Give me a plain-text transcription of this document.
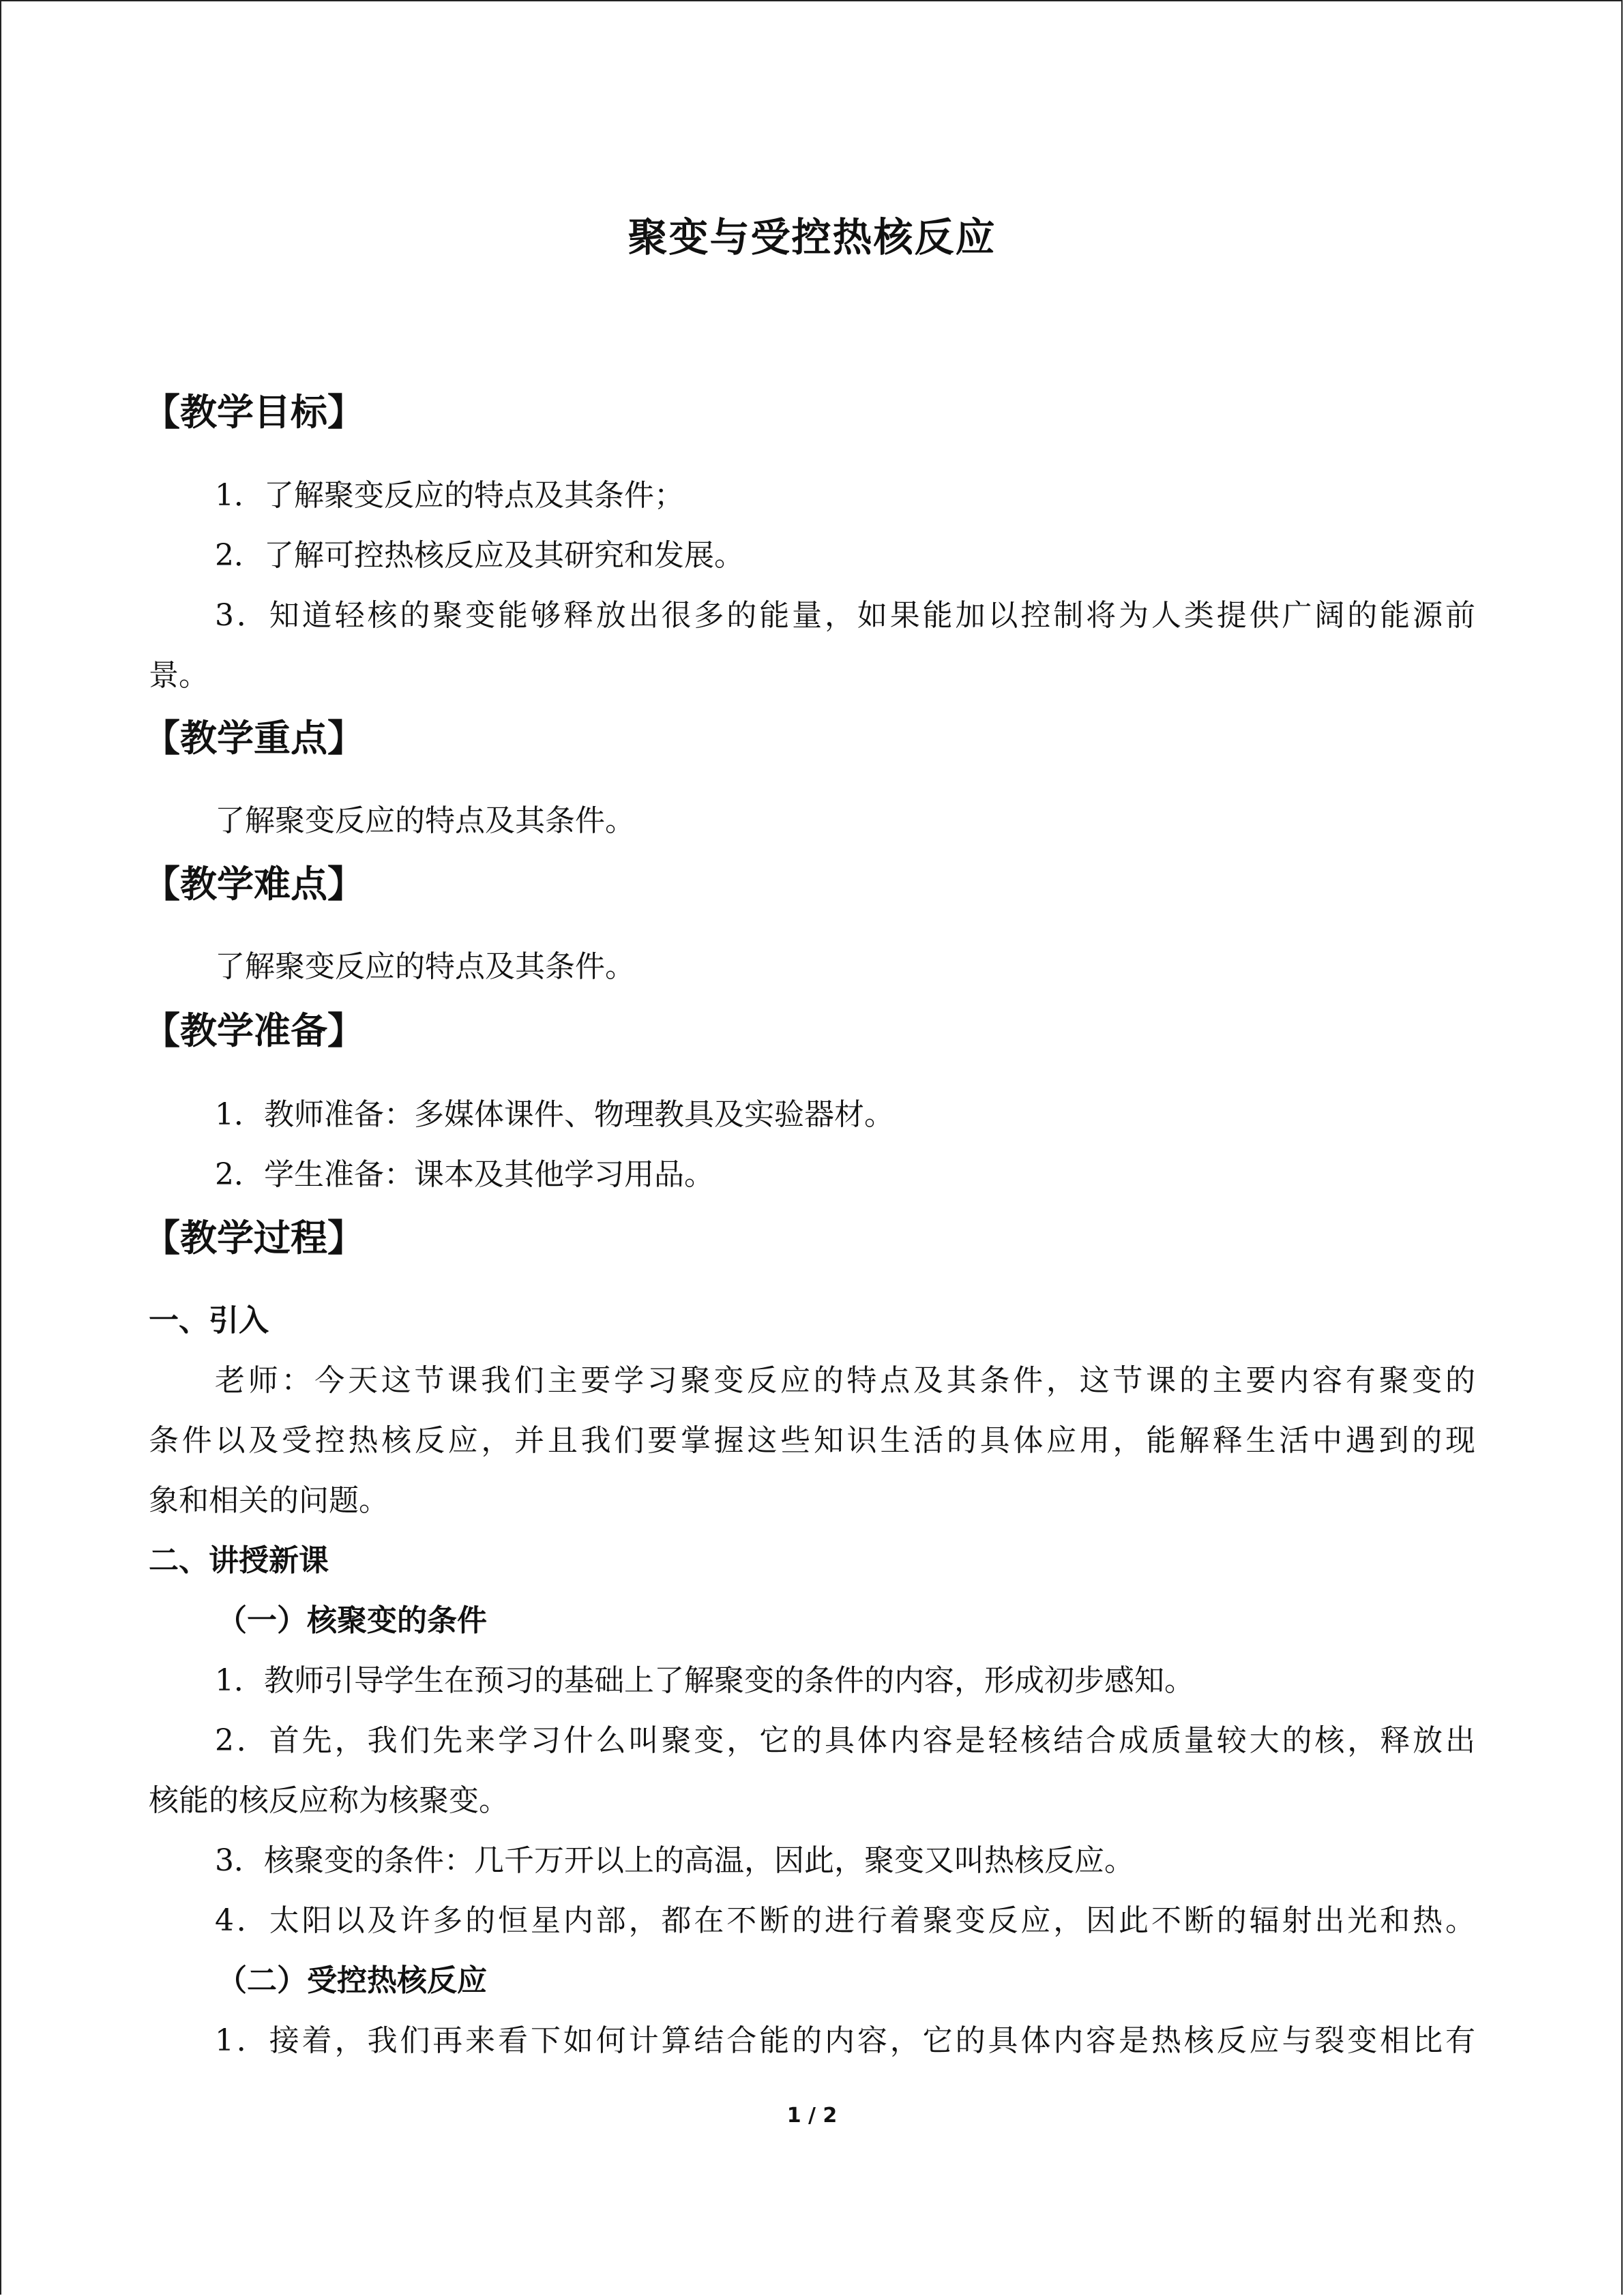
聚变与受控热核反应
【教学目标】
1．了解聚变反应的特点及其条件；
2．了解可控热核反应及其研究和发展。
3．知道轻核的聚变能够释放出很多的能量，如果能加以控制将为人类提供广阔的能源前
景。
【教学重点】
了解聚变反应的特点及其条件。
【教学难点】
了解聚变反应的特点及其条件。
【教学准备】
1．教师准备：多媒体课件、物理教具及实验器材。
2．学生准备：课本及其他学习用品。
【教学过程】
一、引入
老师：今天这节课我们主要学习聚变反应的特点及其条件，这节课的主要内容有聚变的
条件以及受控热核反应，并且我们要掌握这些知识生活的具体应用，能解释生活中遇到的现
象和相关的问题。
二、讲授新课
（一）核聚变的条件
1．教师引导学生在预习的基础上了解聚变的条件的内容，形成初步感知。
2．首先，我们先来学习什么叫聚变，它的具体内容是轻核结合成质量较大的核，释放出
核能的核反应称为核聚变。
3．核聚变的条件：几千万开以上的高温，因此，聚变又叫热核反应。
4．太阳以及许多的恒星内部，都在不断的进行着聚变反应，因此不断的辐射出光和热。
（二）受控热核反应
1．接着，我们再来看下如何计算结合能的内容，它的具体内容是热核反应与裂变相比有
1 / 2
